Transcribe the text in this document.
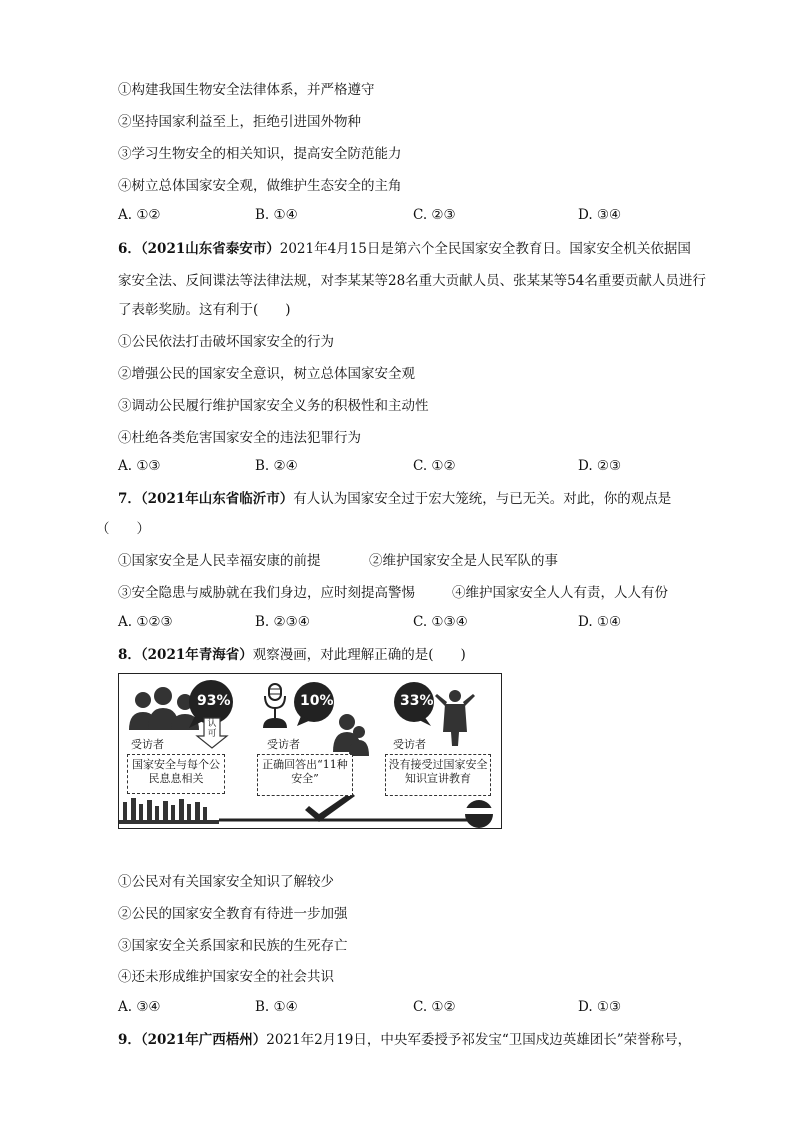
①构建我国生物安全法律体系，并严格遵守
②坚持国家利益至上，拒绝引进国外物种
③学习生物安全的相关知识，提高安全防范能力
④树立总体国家安全观，做维护生态安全的主角
A. ①②	B. ①④	C. ②③	D. ③④
6．（2021山东省泰安市）2021年4月15日是第六个全民国家安全教育日。国家安全机关依据国
家安全法、反间谍法等法律法规，对李某某等28名重大贡献人员、张某某等54名重要贡献人员进行
了表彰奖励。这有利于(　　)
①公民依法打击破坏国家安全的行为
②增强公民的国家安全意识，树立总体国家安全观
③调动公民履行维护国家安全义务的积极性和主动性
④杜绝各类危害国家安全的违法犯罪行为
A. ①③	B. ②④	C. ①②	D. ②③
7．（2021年山东省临沂市）有人认为国家安全过于宏大笼统，与已无关。对此，你的观点是
（　　）
①国家安全是人民幸福安康的前提	②维护国家安全是人民军队的事
③安全隐患与威胁就在我们身边，应时刻提高警惕	④维护国家安全人人有责，人人有份
A. ①②③	B. ②③④	C. ①③④	D. ①④
8．（2021年青海省）观察漫画，对此理解正确的是(　　)
93%	10%	33%
认可
受访者	受访者	受访者
国家安全与每个公民息息相关
正确回答出“11种安全”
没有接受过国家安全知识宣讲教育
①公民对有关国家安全知识了解较少
②公民的国家安全教育有待进一步加强
③国家安全关系国家和民族的生死存亡
④还未形成维护国家安全的社会共识
A. ③④	B. ①④	C. ①②	D. ①③
9．（2021年广西梧州）2021年2月19日，中央军委授予祁发宝“卫国戍边英雄团长”荣誉称号，
